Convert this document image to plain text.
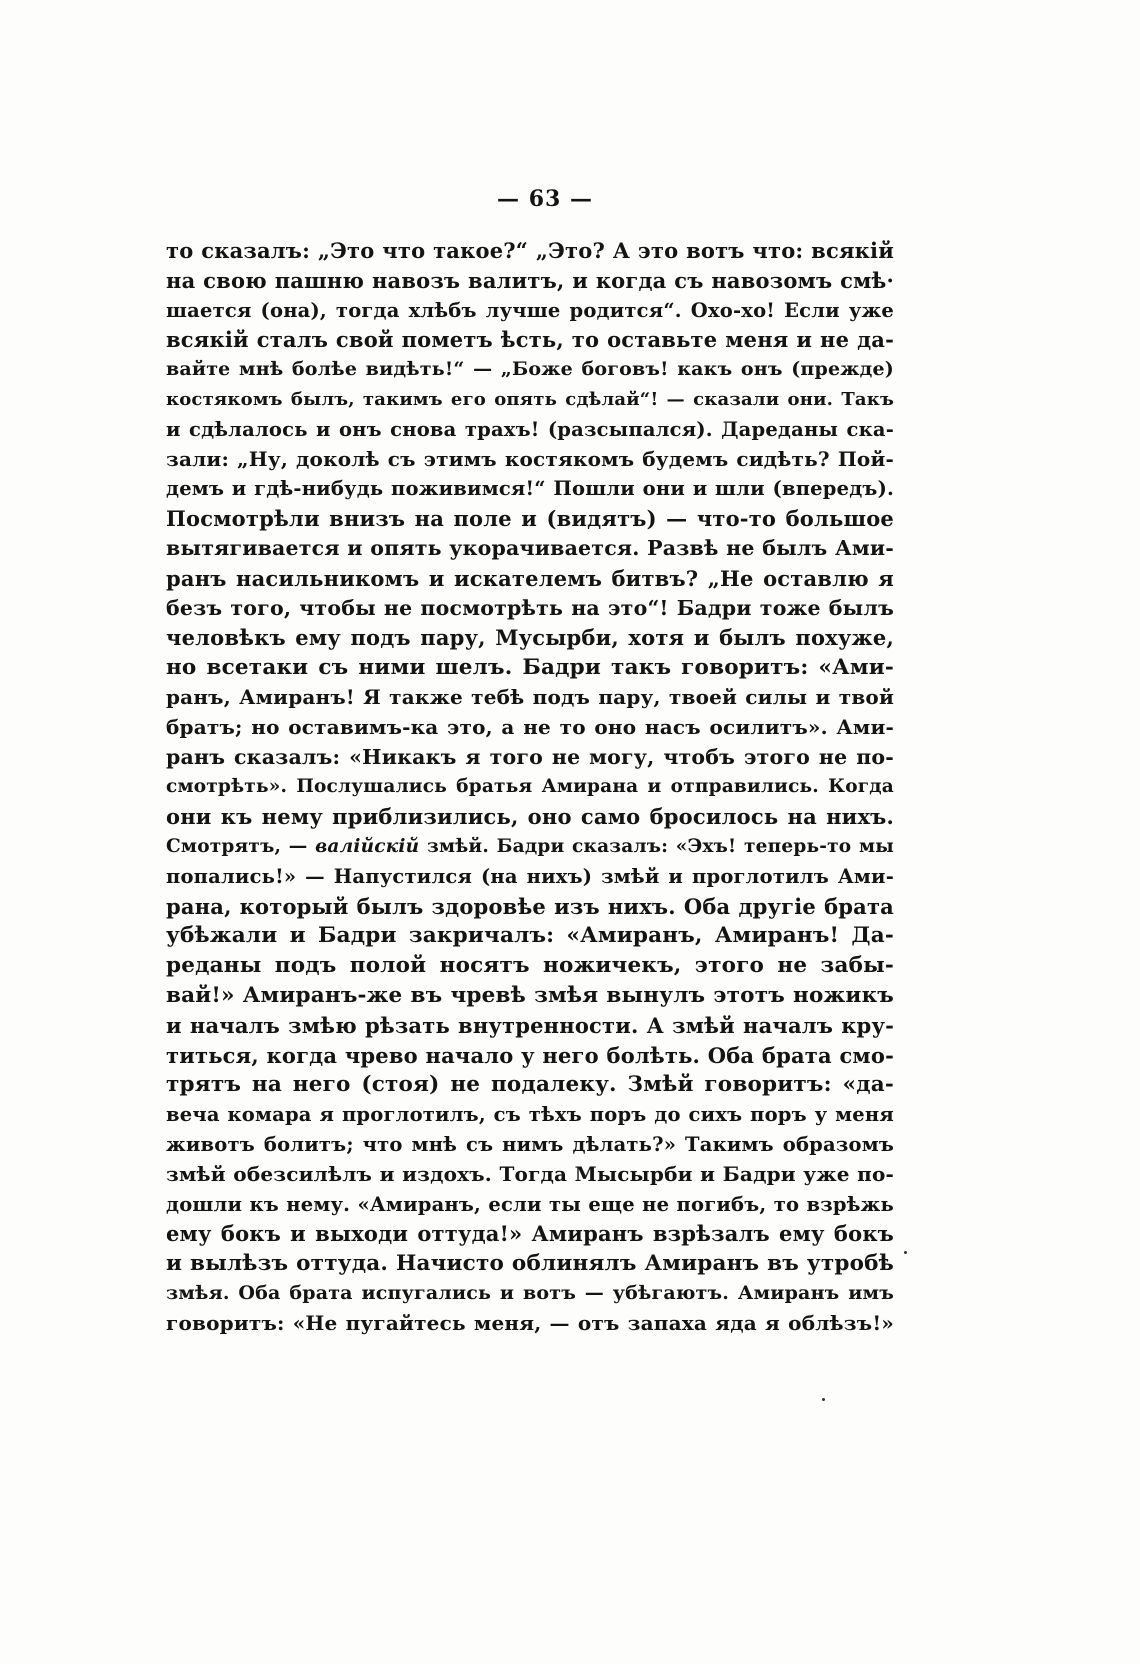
— 63 —
то сказалъ: „Это что такое?“ „Это? А это вотъ что: всякій
на свою пашню навозъ валитъ, и когда съ навозомъ смѣ·
шается (она), тогда хлѣбъ лучше родится“. Охо-хо! Если уже
всякій сталъ свой пометъ ѣсть, то оставьте меня и не да-
вайте мнѣ болѣе видѣть!“ — „Боже боговъ! какъ онъ (прежде)
костякомъ былъ, такимъ его опять сдѣлай“! — сказали они. Такъ
и сдѣлалось и онъ снова трахъ! (разсыпался). Дареданы ска-
зали: „Ну, доколѣ съ этимъ костякомъ будемъ сидѣть? Пой-
демъ и гдѣ-нибудь поживимся!“ Пошли они и шли (впередъ).
Посмотрѣли внизъ на поле и (видятъ) — что-то большое
вытягивается и опять укорачивается. Развѣ не былъ Ами-
ранъ насильникомъ и искателемъ битвъ? „Не оставлю я
безъ того, чтобы не посмотрѣть на это“! Бадри тоже былъ
человѣкъ ему подъ пару, Мусырби, хотя и былъ похуже,
но всетаки съ ними шелъ. Бадри такъ говоритъ: «Ами-
ранъ, Амиранъ! Я также тебѣ подъ пару, твоей силы и твой
братъ; но оставимъ-ка это, а не то оно насъ осилитъ». Ами-
ранъ сказалъ: «Никакъ я того не могу, чтобъ этого не по-
смотрѣть». Послушались братья Амирана и отправились. Когда
они къ нему приблизились, оно само бросилось на нихъ.
Смотрятъ, — валійскій змѣй. Бадри сказалъ: «Эхъ! теперь-то мы
попались!» — Напустился (на нихъ) змѣй и проглотилъ Ами-
рана, который былъ здоровѣе изъ нихъ. Оба другіе брата
убѣжали и Бадри закричалъ: «Амиранъ, Амиранъ! Да-
реданы подъ полой носятъ ножичекъ, этого не забы-
вай!» Амиранъ-же въ чревѣ змѣя вынулъ этотъ ножикъ
и началъ змѣю рѣзать внутренности. А змѣй началъ кру-
титься, когда чрево начало у него болѣть. Оба брата смо-
трятъ на него (стоя) не подалеку. Змѣй говоритъ: «да-
веча комара я проглотилъ, съ тѣхъ поръ до сихъ поръ у меня
животъ болитъ; что мнѣ съ нимъ дѣлать?» Такимъ образомъ
змѣй обезсилѣлъ и издохъ. Тогда Мысырби и Бадри уже по-
дошли къ нему. «Амиранъ, если ты еще не погибъ, то взрѣжь
ему бокъ и выходи оттуда!» Амиранъ взрѣзалъ ему бокъ
и вылѣзъ оттуда. Начисто облинялъ Амиранъ въ утробѣ
змѣя. Оба брата испугались и вотъ — убѣгаютъ. Амиранъ имъ
говоритъ: «Не пугайтесь меня, — отъ запаха яда я облѣзъ!»
